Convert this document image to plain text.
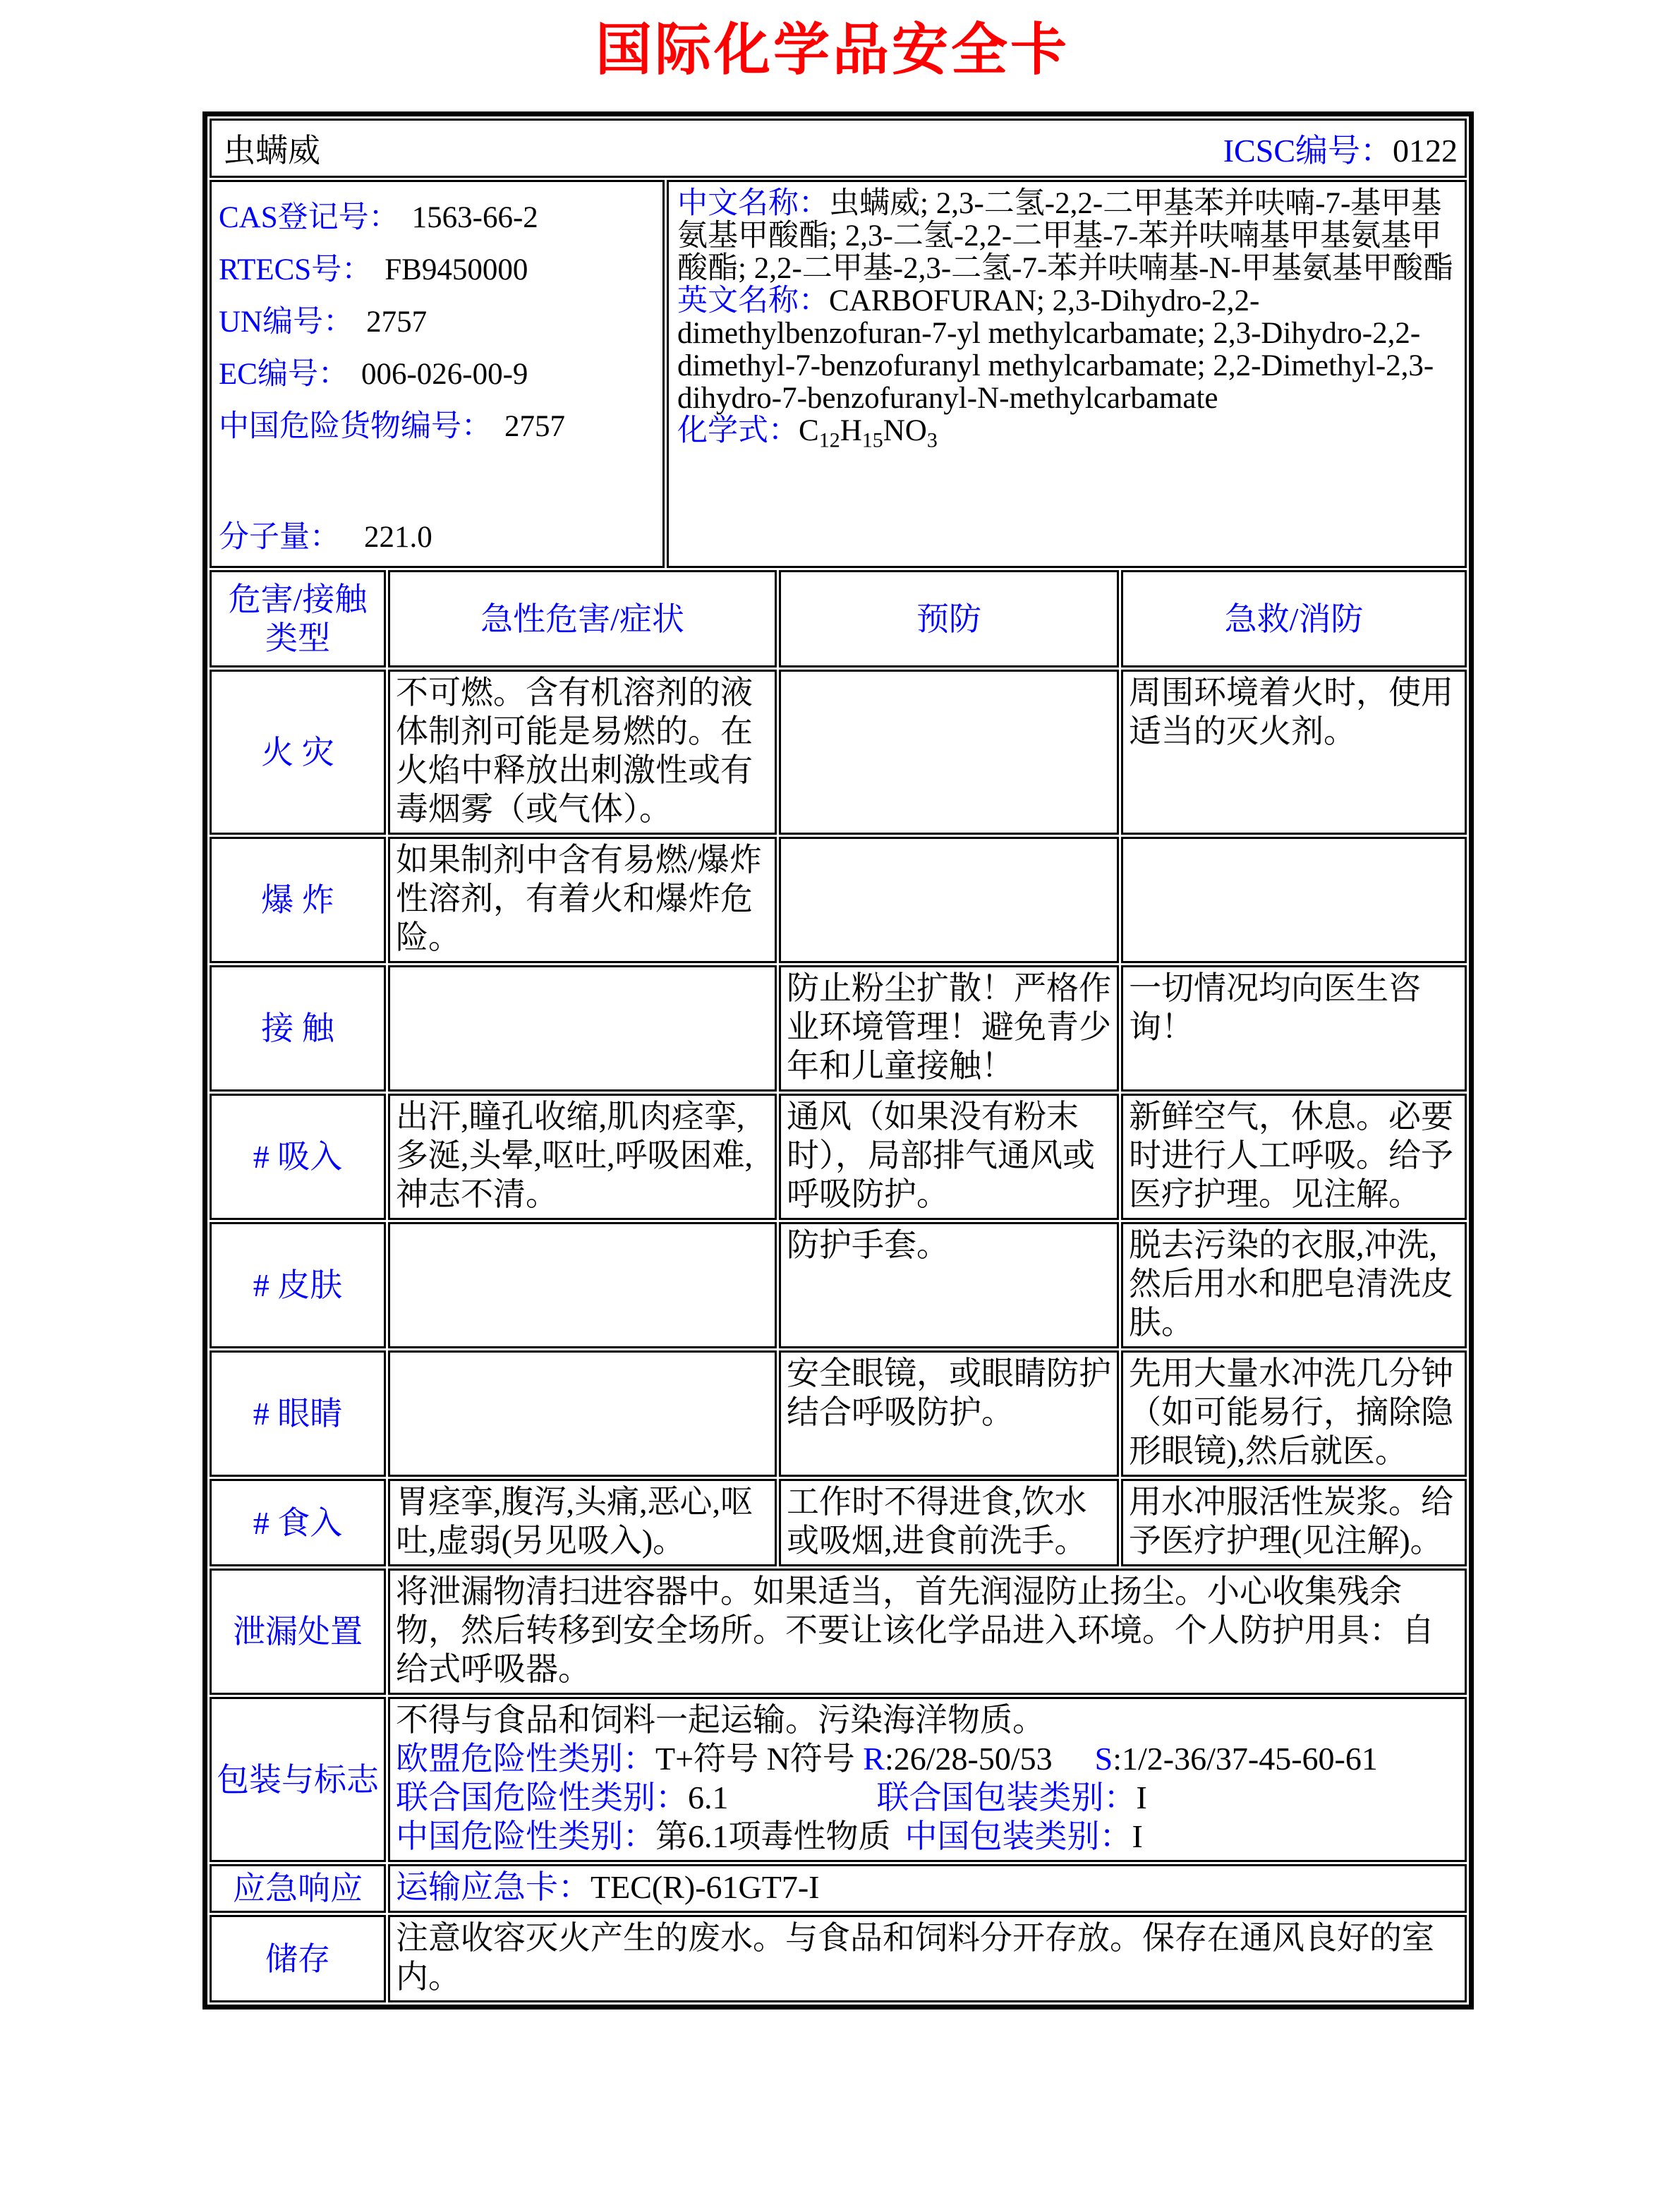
国际化学品安全卡
虫螨威	ICSC编号：0122
CAS登记号： 1563-66-2
RTECS号： FB9450000
UN编号： 2757
EC编号： 006-026-00-9
中国危险货物编号： 2757
分子量： 221.0
	中文名称：虫螨威; 2,3-二氢-2,2-二甲基苯并呋喃-7-基甲基氨基甲酸酯; 2,3-二氢-2,2-二甲基-7-苯并呋喃基甲基氨基甲酸酯; 2,2-二甲基-2,3-二氢-7-苯并呋喃基-N-甲基氨基甲酸酯
英文名称：CARBOFURAN; 2,3-Dihydro-2,2-dimethylbenzofuran-7-yl methylcarbamate; 2,3-Dihydro-2,2-dimethyl-7-benzofuranyl methylcarbamate; 2,2-Dimethyl-2,3-dihydro-7-benzofuranyl-N-methylcarbamate
化学式：$C_{12}H_{15}NO_3$
危害/接触类型	急性危害/症状	预防	急救/消防
火 灾	不可燃。含有机溶剂的液体制剂可能是易燃的。在火焰中释放出刺激性或有毒烟雾（或气体）。		周围环境着火时，使用适当的灭火剂。
爆 炸	如果制剂中含有易燃/爆炸性溶剂，有着火和爆炸危险。		
接 触		防止粉尘扩散！严格作业环境管理！避免青少年和儿童接触！	一切情况均向医生咨询！
# 吸入	出汗,瞳孔收缩,肌肉痉挛,多涎,头晕,呕吐,呼吸困难,神志不清。	通风（如果没有粉末时），局部排气通风或呼吸防护。	新鲜空气，休息。必要时进行人工呼吸。给予医疗护理。见注解。
# 皮肤		防护手套。	脱去污染的衣服,冲洗,然后用水和肥皂清洗皮肤。
# 眼睛		安全眼镜，或眼睛防护结合呼吸防护。	先用大量水冲洗几分钟（如可能易行，摘除隐形眼镜),然后就医。
# 食入	胃痉挛,腹泻,头痛,恶心,呕吐,虚弱(另见吸入)。	工作时不得进食,饮水或吸烟,进食前洗手。	用水冲服活性炭浆。给予医疗护理(见注解)。
泄漏处置	将泄漏物清扫进容器中。如果适当，首先润湿防止扬尘。小心收集残余物，然后转移到安全场所。不要让该化学品进入环境。个人防护用具：自给式呼吸器。		
包装与标志	不得与食品和饲料一起运输。污染海洋物质。
欧盟危险性类别：T+符号 N符号 R:26/28-50/53 S:1/2-36/37-45-60-61
联合国危险性类别：6.1 联合国包装类别：I
中国危险性类别：第6.1项毒性物质 中国包装类别：I		

应急响应	运输应急卡：TEC(R)-61GT7-I		
储存	注意收容灭火产生的废水。与食品和饲料分开存放。保存在通风良好的室内。		
